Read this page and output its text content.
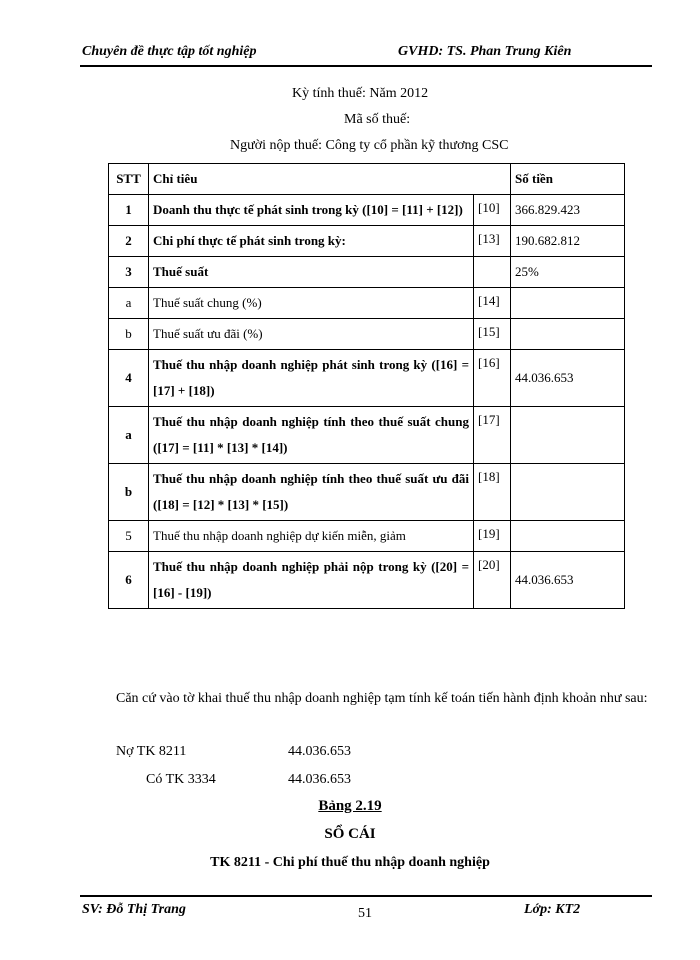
Chuyên đề thực tập tốt nghiệp	GVHD: TS. Phan Trung Kiên
Kỳ tính thuế: Năm 2012
Mã số thuế:
Người nộp thuế: Công ty cổ phần kỹ thương CSC
STT	Chỉ tiêu		Số tiền
1	Doanh thu thực tế phát sinh trong kỳ ([10] = [11] + [12])	[10]	366.829.423
2	Chi phí thực tế phát sinh trong kỳ:	[13]	190.682.812
3	Thuế suất		25%
a	Thuế suất chung (%)	[14]	
b	Thuế suất ưu đãi (%)	[15]	
4	Thuế thu nhập doanh nghiệp phát sinh trong kỳ ([16] = [17] + [18])	[16]	44.036.653
a	Thuế thu nhập doanh nghiệp tính theo thuế suất chung ([17] = [11] * [13] * [14])	[17]	
b	Thuế thu nhập doanh nghiệp tính theo thuế suất ưu đãi ([18] = [12] * [13] * [15])	[18]	
5	Thuế thu nhập doanh nghiệp dự kiến miễn, giảm	[19]	
6	Thuế thu nhập doanh nghiệp phải nộp trong kỳ ([20] = [16] - [19])	[20]	44.036.653
Căn cứ vào tờ khai thuế thu nhập doanh nghiệp tạm tính kế toán tiến hành định khoản như sau:
Nợ TK 8211	44.036.653
Có TK 3334	44.036.653
Bảng 2.19
SỔ CÁI
TK 8211 - Chi phí thuế thu nhập doanh nghiệp
SV: Đỗ Thị Trang	51	Lớp: KT2
